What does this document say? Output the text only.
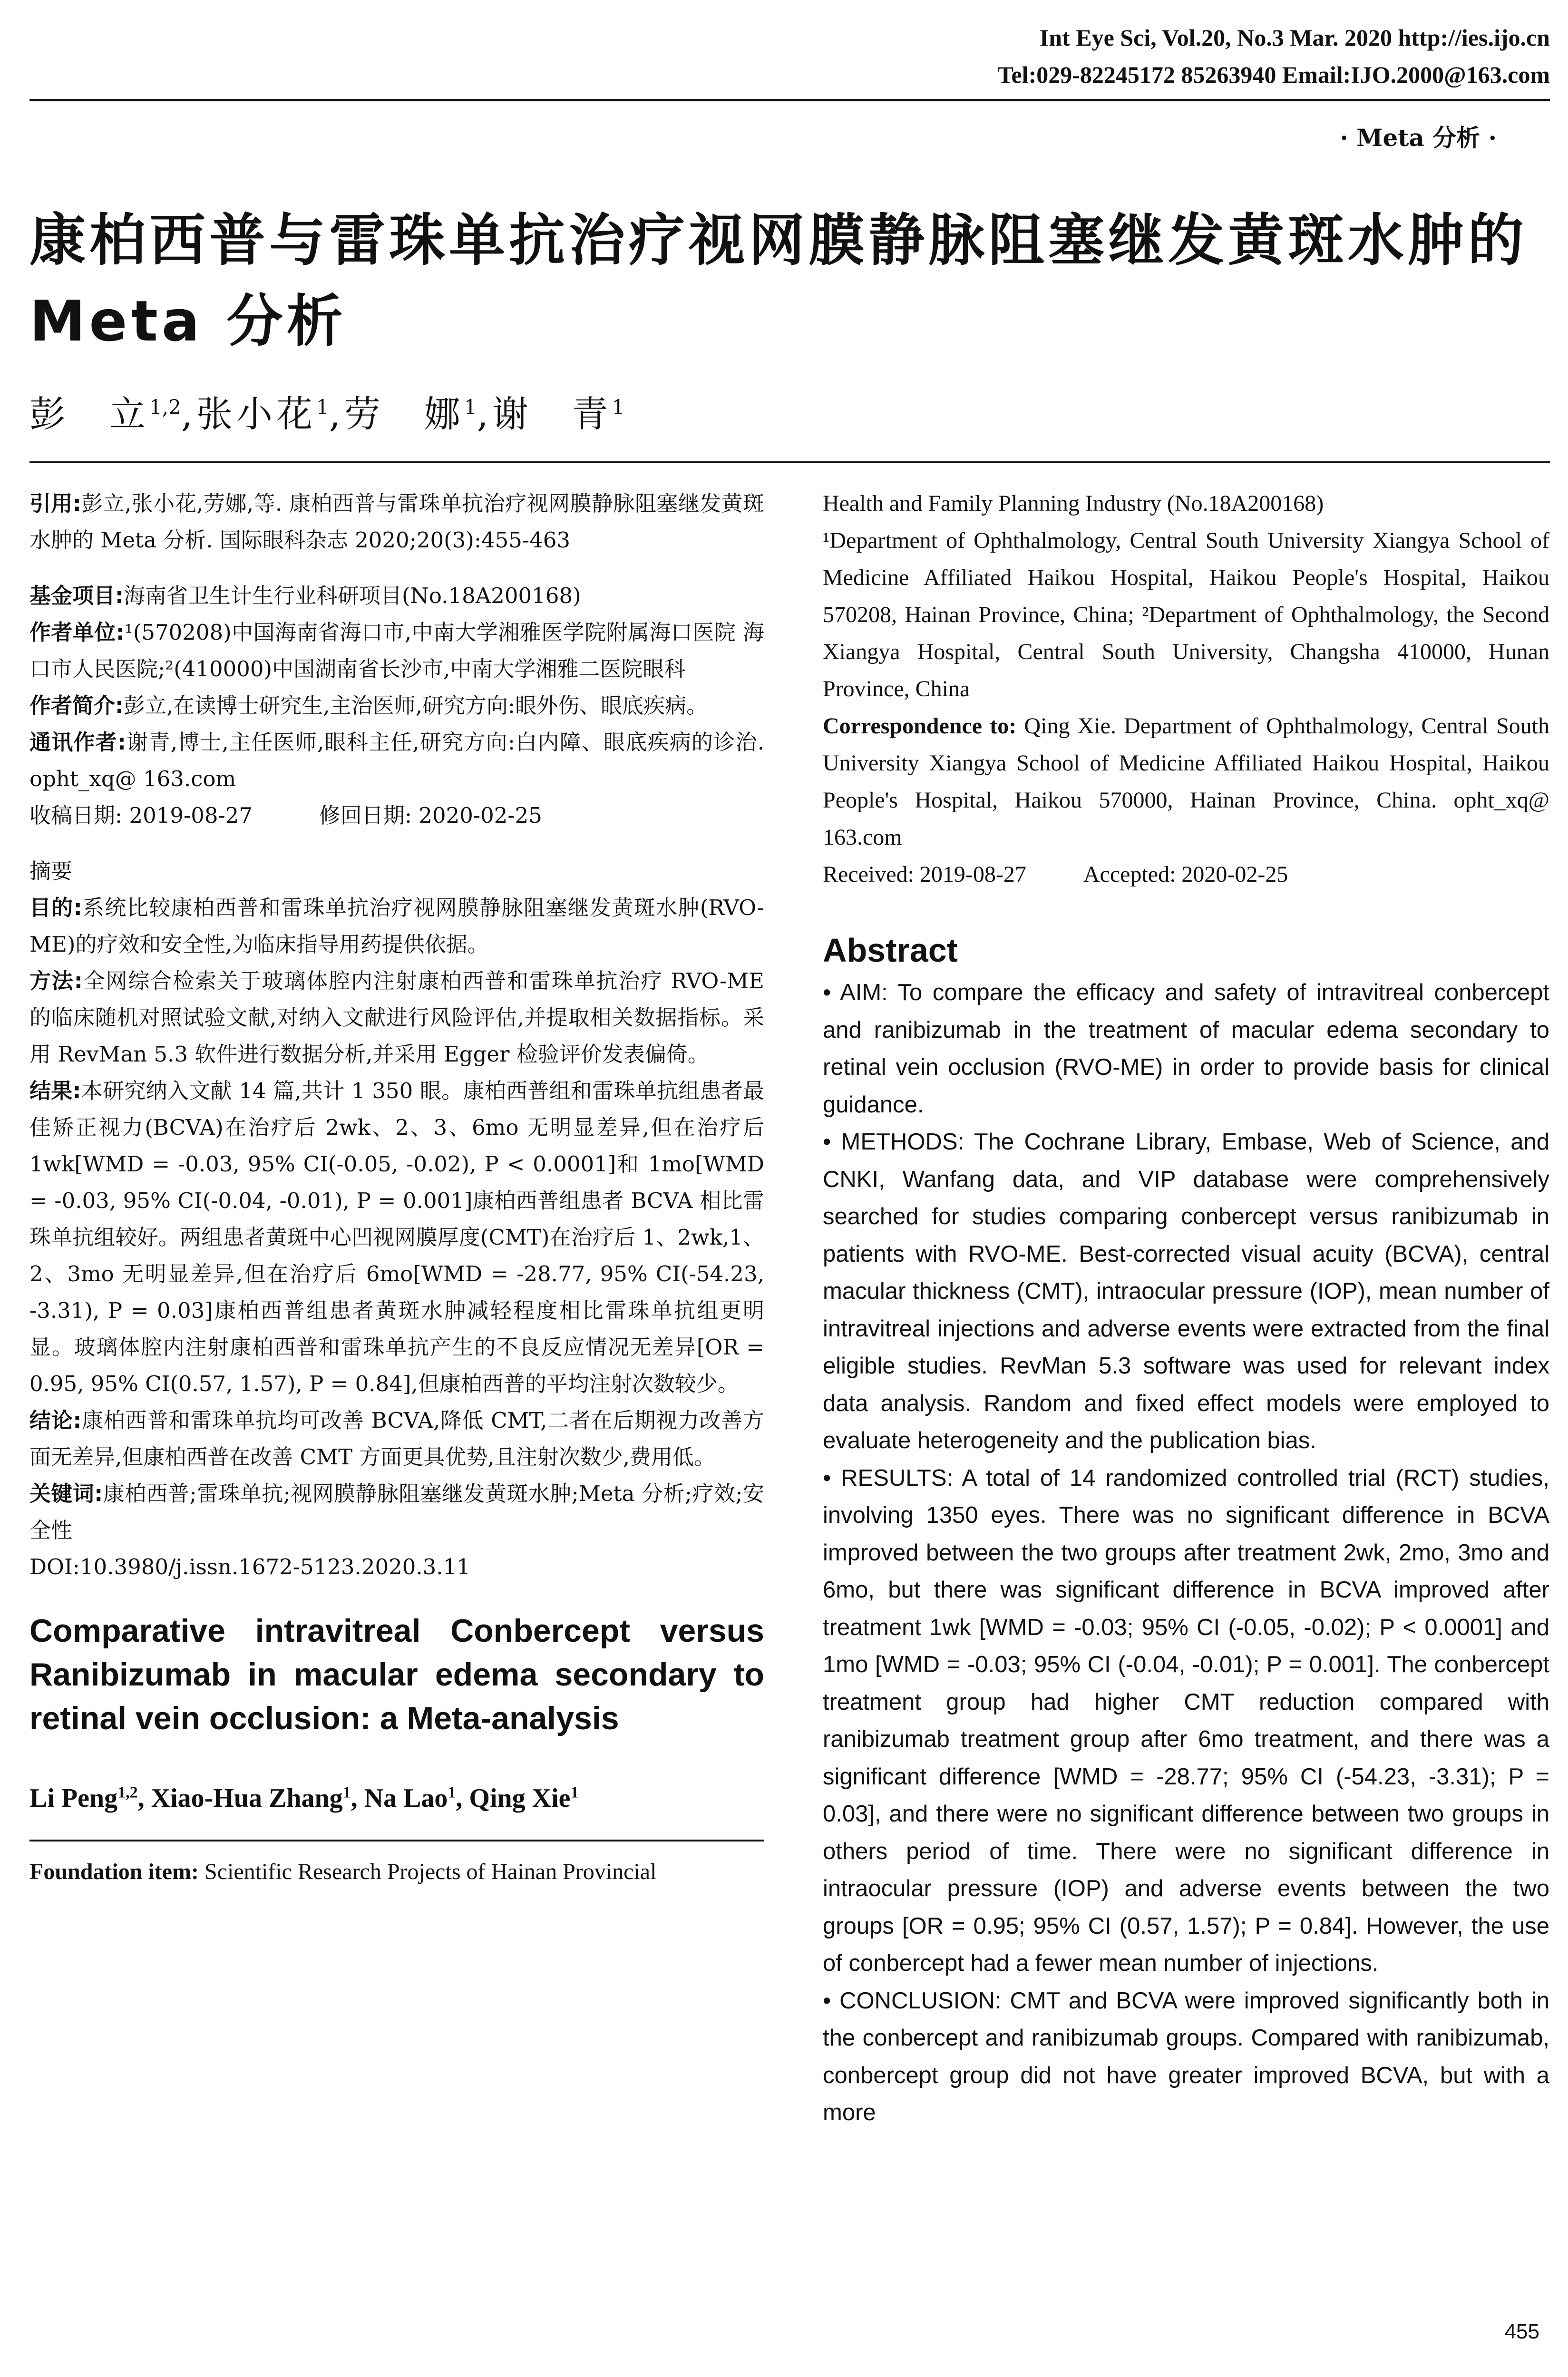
Int Eye Sci, Vol.20, No.3 Mar. 2020 http://ies.ijo.cn
Tel:029-82245172 85263940 Email:IJO.2000@163.com
· Meta 分析 ·
康柏西普与雷珠单抗治疗视网膜静脉阻塞继发黄斑水肿的 Meta 分析
彭　立$^{1,2}$,张小花$^1$,劳　娜$^1$,谢　青$^1$

引用:彭立,张小花,劳娜,等. 康柏西普与雷珠单抗治疗视网膜静脉阻塞继发黄斑水肿的 Meta 分析. 国际眼科杂志 2020;20(3):455-463

基金项目:海南省卫生计生行业科研项目(No.18A200168)

作者单位:¹(570208)中国海南省海口市,中南大学湘雅医学院附属海口医院 海口市人民医院;²(410000)中国湖南省长沙市,中南大学湘雅二医院眼科

作者简介:彭立,在读博士研究生,主治医师,研究方向:眼外伤、眼底疾病。

通讯作者:谢青,博士,主任医师,眼科主任,研究方向:白内障、眼底疾病的诊治. opht_xq@ 163.com

收稿日期: 2019-08-27	修回日期: 2020-02-25

摘要

目的:系统比较康柏西普和雷珠单抗治疗视网膜静脉阻塞继发黄斑水肿(RVO-ME)的疗效和安全性,为临床指导用药提供依据。

方法:全网综合检索关于玻璃体腔内注射康柏西普和雷珠单抗治疗 RVO-ME 的临床随机对照试验文献,对纳入文献进行风险评估,并提取相关数据指标。采用 RevMan 5.3 软件进行数据分析,并采用 Egger 检验评价发表偏倚。

结果:本研究纳入文献 14 篇,共计 1 350 眼。康柏西普组和雷珠单抗组患者最佳矫正视力(BCVA)在治疗后 2wk、2、3、6mo 无明显差异,但在治疗后 1wk[WMD = -0.03, 95% CI(-0.05, -0.02), P < 0.0001]和 1mo[WMD = -0.03, 95% CI(-0.04, -0.01), P = 0.001]康柏西普组患者 BCVA 相比雷珠单抗组较好。两组患者黄斑中心凹视网膜厚度(CMT)在治疗后 1、2wk,1、2、3mo 无明显差异,但在治疗后 6mo[WMD = -28.77, 95% CI(-54.23, -3.31), P = 0.03]康柏西普组患者黄斑水肿减轻程度相比雷珠单抗组更明显。玻璃体腔内注射康柏西普和雷珠单抗产生的不良反应情况无差异[OR = 0.95, 95% CI(0.57, 1.57), P = 0.84],但康柏西普的平均注射次数较少。

结论:康柏西普和雷珠单抗均可改善 BCVA,降低 CMT,二者在后期视力改善方面无差异,但康柏西普在改善 CMT 方面更具优势,且注射次数少,费用低。

关键词:康柏西普;雷珠单抗;视网膜静脉阻塞继发黄斑水肿;Meta 分析;疗效;安全性

DOI:10.3980/j.issn.1672-5123.2020.3.11

Comparative intravitreal Conbercept versus Ranibizumab in macular edema secondary to retinal vein occlusion: a Meta-analysis
Li Peng$^{1,2}$, Xiao-Hua Zhang$^1$, Na Lao$^1$, Qing Xie$^1$

Foundation item: Scientific Research Projects of Hainan Provincial

Health and Family Planning Industry (No.18A200168)

¹Department of Ophthalmology, Central South University Xiangya School of Medicine Affiliated Haikou Hospital, Haikou People's Hospital, Haikou 570208, Hainan Province, China; ²Department of Ophthalmology, the Second Xiangya Hospital, Central South University, Changsha 410000, Hunan Province, China

Correspondence to: Qing Xie. Department of Ophthalmology, Central South University Xiangya School of Medicine Affiliated Haikou Hospital, Haikou People's Hospital, Haikou 570000, Hainan Province, China. opht_xq@ 163.com

Received: 2019-08-27	Accepted: 2020-02-25

Abstract

• AIM: To compare the efficacy and safety of intravitreal conbercept and ranibizumab in the treatment of macular edema secondary to retinal vein occlusion (RVO-ME) in order to provide basis for clinical guidance.

• METHODS: The Cochrane Library, Embase, Web of Science, and CNKI, Wanfang data, and VIP database were comprehensively searched for studies comparing conbercept versus ranibizumab in patients with RVO-ME. Best-corrected visual acuity (BCVA), central macular thickness (CMT), intraocular pressure (IOP), mean number of intravitreal injections and adverse events were extracted from the final eligible studies. RevMan 5.3 software was used for relevant index data analysis. Random and fixed effect models were employed to evaluate heterogeneity and the publication bias.

• RESULTS: A total of 14 randomized controlled trial (RCT) studies, involving 1350 eyes. There was no significant difference in BCVA improved between the two groups after treatment 2wk, 2mo, 3mo and 6mo, but there was significant difference in BCVA improved after treatment 1wk [WMD = -0.03; 95% CI (-0.05, -0.02); P < 0.0001] and 1mo [WMD = -0.03; 95% CI (-0.04, -0.01); P = 0.001]. The conbercept treatment group had higher CMT reduction compared with ranibizumab treatment group after 6mo treatment, and there was a significant difference [WMD = -28.77; 95% CI (-54.23, -3.31); P = 0.03], and there were no significant difference between two groups in others period of time. There were no significant difference in intraocular pressure (IOP) and adverse events between the two groups [OR = 0.95; 95% CI (0.57, 1.57); P = 0.84]. However, the use of conbercept had a fewer mean number of injections.

• CONCLUSION: CMT and BCVA were improved significantly both in the conbercept and ranibizumab groups. Compared with ranibizumab, conbercept group did not have greater improved BCVA, but with a more

455
